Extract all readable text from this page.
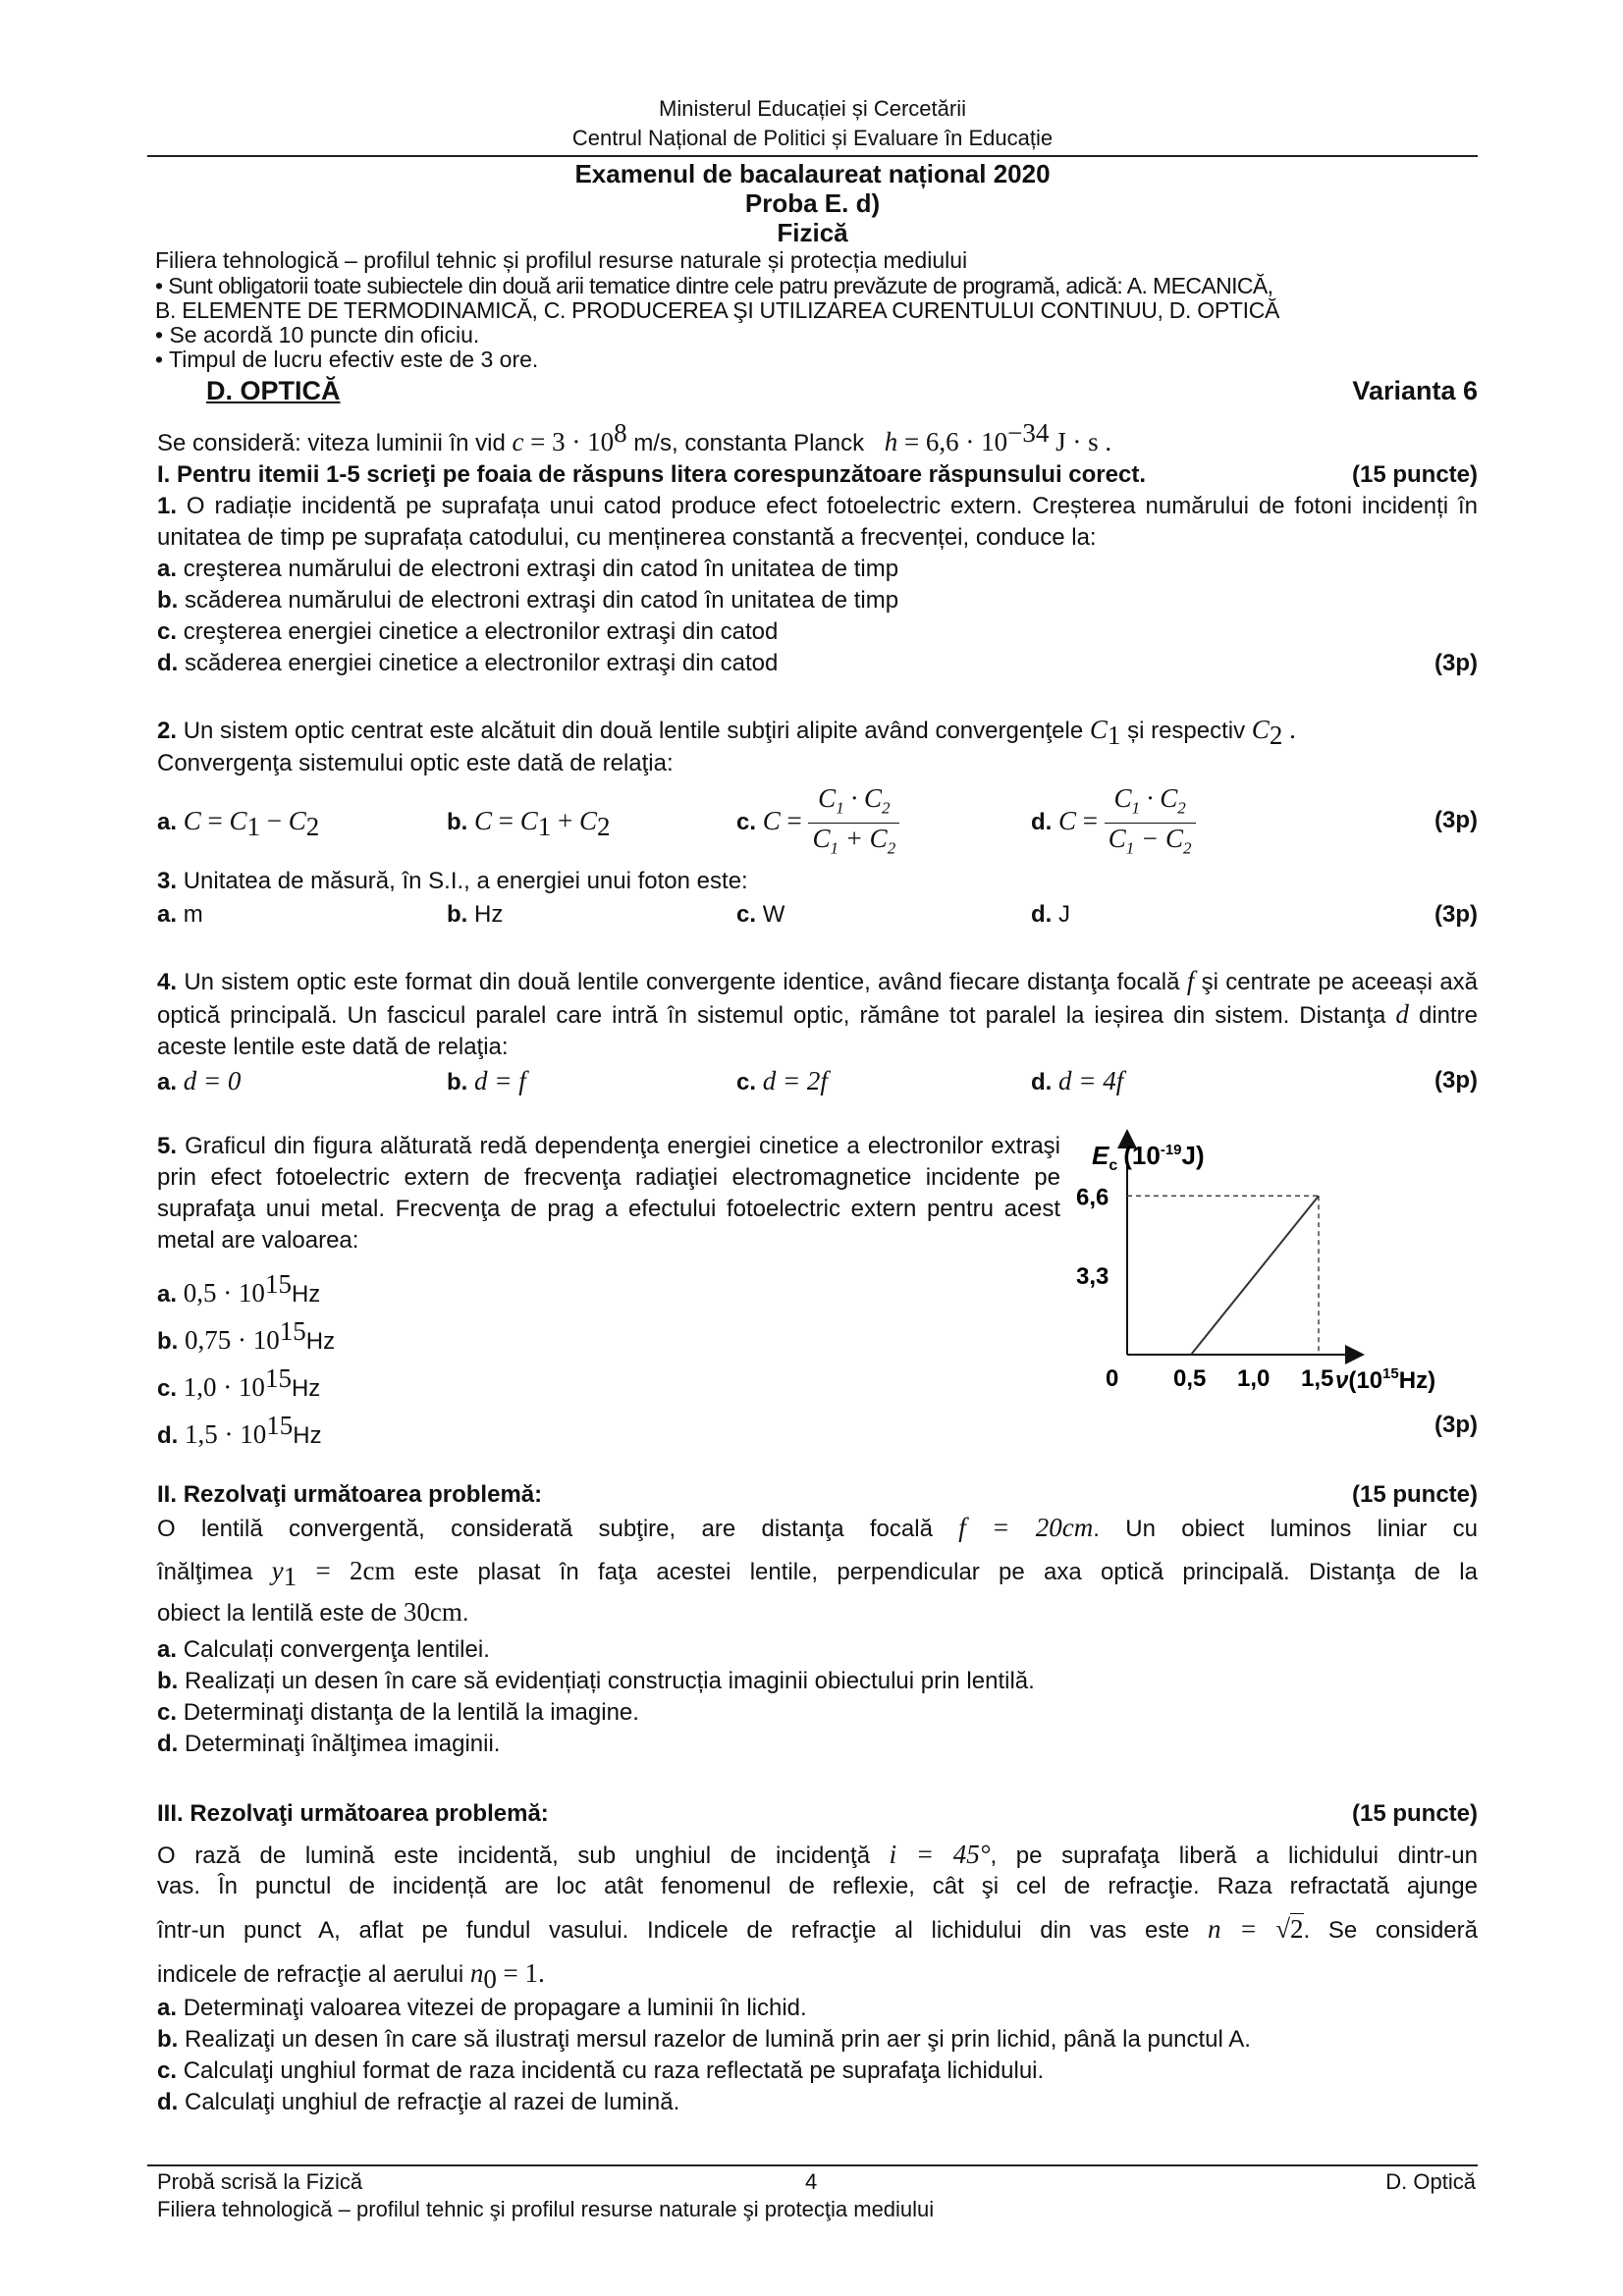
Ministerul Educației și Cercetării
Centrul Național de Politici și Evaluare în Educație
Examenul de bacalaureat național 2020
Proba E. d)
Fizică
Filiera tehnologică – profilul tehnic și profilul resurse naturale și protecția mediului
• Sunt obligatorii toate subiectele din două arii tematice dintre cele patru prevăzute de programă, adică: A. MECANICĂ,
B. ELEMENTE DE TERMODINAMICĂ, C. PRODUCEREA ŞI UTILIZAREA CURENTULUI CONTINUU, D. OPTICĂ
• Se acordă 10 puncte din oficiu.
• Timpul de lucru efectiv este de 3 ore.
D. OPTICĂ	Varianta 6
Se consideră: viteza luminii în vid $c = 3 \cdot 10^8$ m/s, constanta Planck $h = 6,6 \cdot 10^{-34}$ J · s .
I. Pentru itemii 1-5 scrieţi pe foaia de răspuns litera corespunzătoare răspunsului corect.	(15 puncte)
1. O radiație incidentă pe suprafața unui catod produce efect fotoelectric extern. Creșterea numărului de fotoni incidenți în unitatea de timp pe suprafața catodului, cu menținerea constantă a frecvenței, conduce la:
a. creşterea numărului de electroni extraşi din catod în unitatea de timp
b. scăderea numărului de electroni extraşi din catod în unitatea de timp
c. creşterea energiei cinetice a electronilor extraşi din catod
d. scăderea energiei cinetice a electronilor extraşi din catod	(3p)
2. Un sistem optic centrat este alcătuit din două lentile subţiri alipite având convergenţele $C_1$ și respectiv $C_2$ .
Convergenţa sistemului optic este dată de relaţia:
a. $C = C_1 - C_2$	b. $C = C_1 + C_2$	c. $C = \frac{C_1 \cdot C_2}{C_1 + C_2}$	d. $C = \frac{C_1 \cdot C_2}{C_1 - C_2}$	(3p)
3. Unitatea de măsură, în S.I., a energiei unui foton este:
a. m	b. Hz	c. W	d. J	(3p)
4. Un sistem optic este format din două lentile convergente identice, având fiecare distanţa focală f şi centrate pe aceeași axă optică principală. Un fascicul paralel care intră în sistemul optic, rămâne tot paralel la ieșirea din sistem. Distanţa d dintre aceste lentile este dată de relaţia:
a. d = 0	b. d = f	c. d = 2f	d. d = 4f	(3p)
5. Graficul din figura alăturată redă dependenţa energiei cinetice a electronilor extraşi prin efect fotoelectric extern de frecvenţa radiaţiei electromagnetice incidente pe suprafaţa unui metal. Frecvenţa de prag a efectului fotoelectric extern pentru acest metal are valoarea:
a. $0,5 \cdot 10^{15}Hz$
b. $0,75 \cdot 10^{15}Hz$
c. $1,0 \cdot 10^{15}Hz$
d. $1,5 \cdot 10^{15}Hz$	(3p)
0 0,5 1,0 1,5
3,3
6,6
$E_c$ $(10^{-19}J)$
$\nu(10^{15}Hz)$
II. Rezolvaţi următoarea problemă:	(15 puncte)
O lentilă convergentă, considerată subţire, are distanţa focală f = 20cm. Un obiect luminos liniar cu
înălţimea $y_1 = 2cm$ este plasat în faţa acestei lentile, perpendicular pe axa optică principală. Distanţa de la
obiect la lentilă este de 30cm.
a. Calculați convergenţa lentilei.
b. Realizați un desen în care să evidențiați construcția imaginii obiectului prin lentilă.
c. Determinaţi distanţa de la lentilă la imagine.
d. Determinaţi înălţimea imaginii.
III. Rezolvaţi următoarea problemă:	(15 puncte)
O rază de lumină este incidentă, sub unghiul de incidenţă i = 45°, pe suprafaţa liberă a lichidului dintr-un
vas. În punctul de incidență are loc atât fenomenul de reflexie, cât şi cel de refracţie. Raza refractată ajunge
într-un punct A, aflat pe fundul vasului. Indicele de refracţie al lichidului din vas este n = √2. Se consideră
indicele de refracţie al aerului $n_0 = 1$.
a. Determinaţi valoarea vitezei de propagare a luminii în lichid.
b. Realizaţi un desen în care să ilustraţi mersul razelor de lumină prin aer şi prin lichid, până la punctul A.
c. Calculaţi unghiul format de raza incidentă cu raza reflectată pe suprafaţa lichidului.
d. Calculaţi unghiul de refracţie al razei de lumină.
Probă scrisă la Fizică	4	D. Optică
Filiera tehnologică – profilul tehnic şi profilul resurse naturale şi protecţia mediului
